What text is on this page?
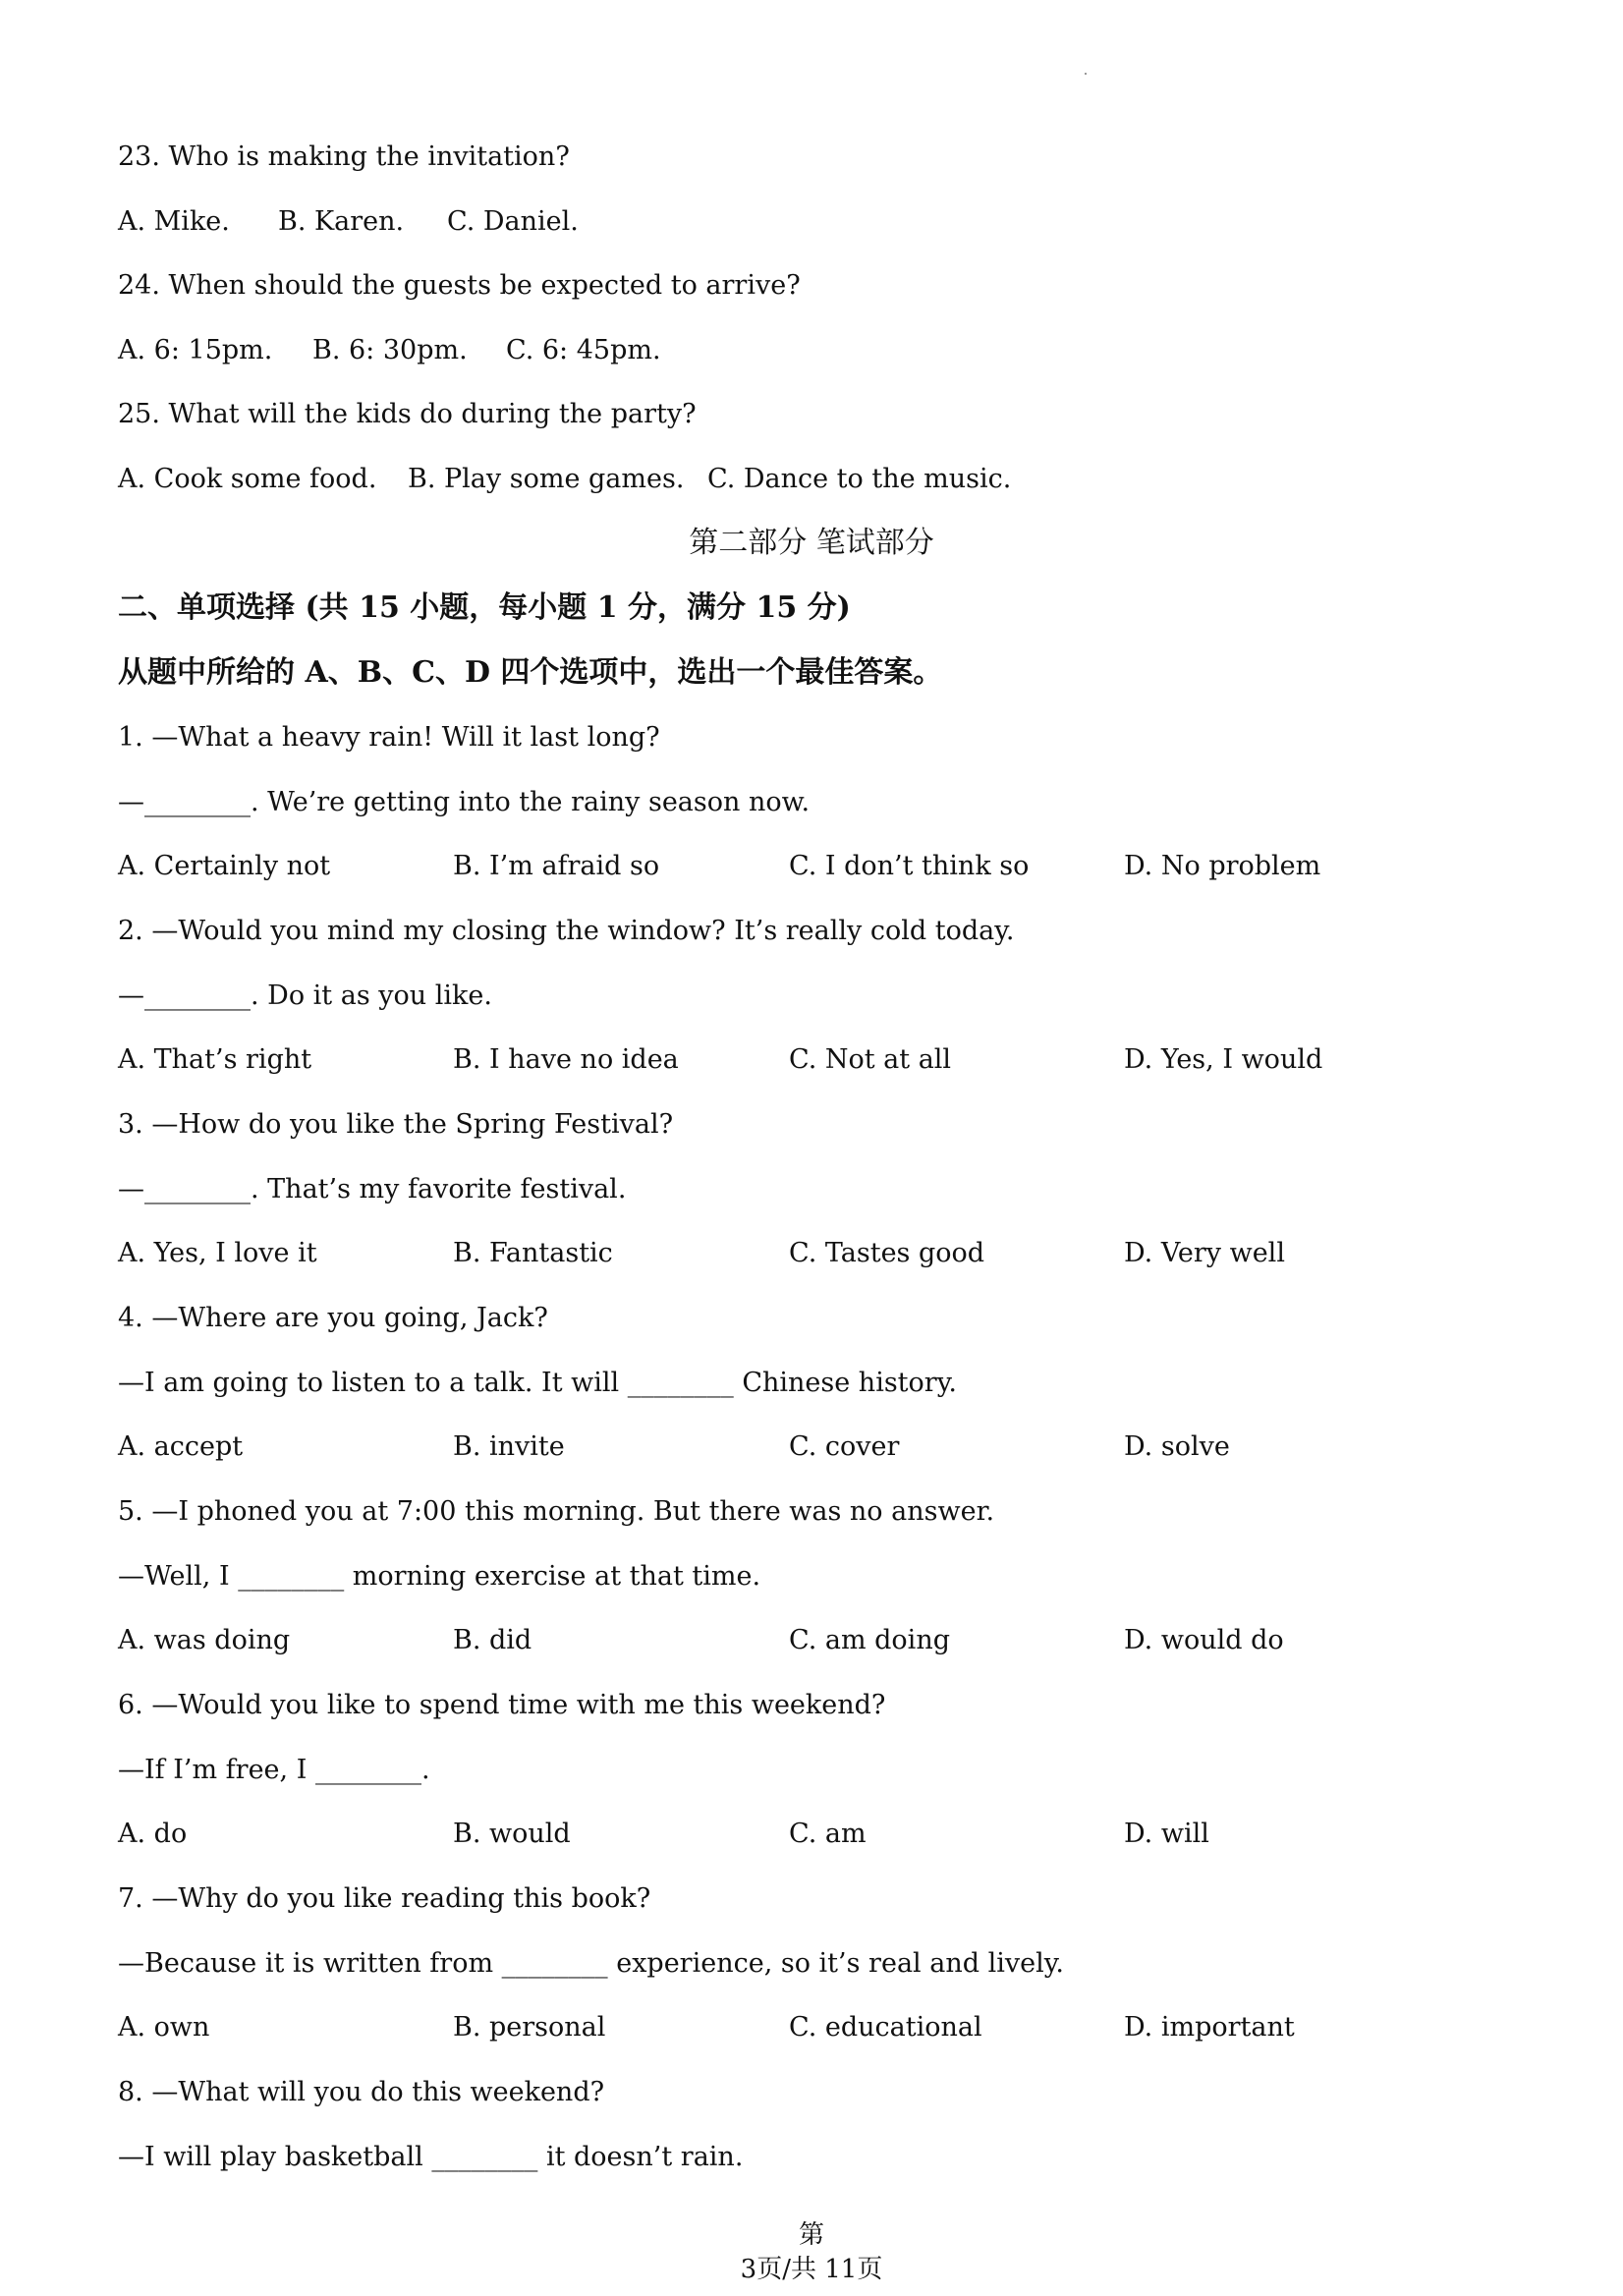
23. Who is making the invitation?
A. Mike. B. Karen. C. Daniel.
24. When should the guests be expected to arrive?
A. 6: 15pm. B. 6: 30pm. C. 6: 45pm.
25. What will the kids do during the party?
A. Cook some food. B. Play some games. C. Dance to the music.
第二部分 笔试部分
二、单项选择 (共 15 小题，每小题 1 分，满分 15 分)
从题中所给的 A、B、C、D 四个选项中，选出一个最佳答案。
1. —What a heavy rain! Will it last long?
—________. We’re getting into the rainy season now.
A. Certainly not	B. I’m afraid so	C. I don’t think so	D. No problem
2. —Would you mind my closing the window? It’s really cold today.
—________. Do it as you like.
A. That’s right	B. I have no idea	C. Not at all	D. Yes, I would
3. —How do you like the Spring Festival?
—________. That’s my favorite festival.
A. Yes, I love it	B. Fantastic	C. Tastes good	D. Very well
4. —Where are you going, Jack?
—I am going to listen to a talk. It will ________ Chinese history.
A. accept	B. invite	C. cover	D. solve
5. —I phoned you at 7:00 this morning. But there was no answer.
—Well, I ________ morning exercise at that time.
A. was doing	B. did	C. am doing	D. would do
6. —Would you like to spend time with me this weekend?
—If I’m free, I ________.
A. do	B. would	C. am	D. will
7. —Why do you like reading this book?
—Because it is written from ________ experience, so it’s real and lively.
A. own	B. personal	C. educational	D. important
8. —What will you do this weekend?
—I will play basketball ________ it doesn’t rain.
第
3页/共 11页
